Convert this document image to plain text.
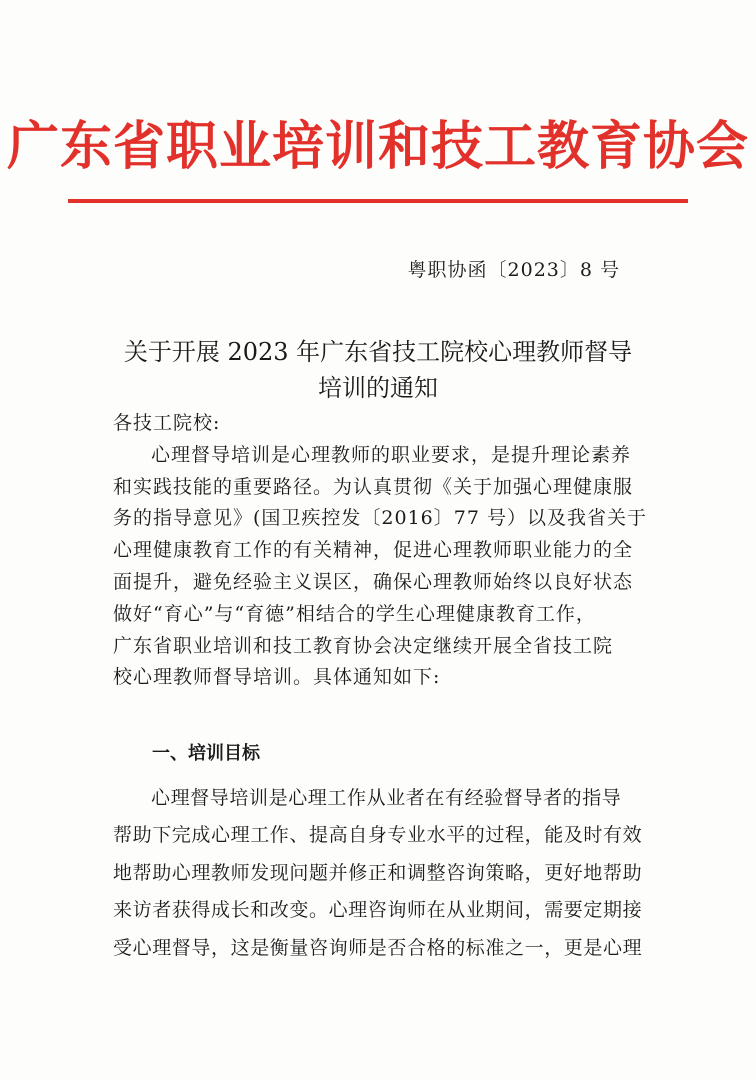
广东省职业培训和技工教育协会
粤职协函〔2023〕8 号
关于开展 2023 年广东省技工院校心理教师督导
培训的通知
各技工院校:
心理督导培训是心理教师的职业要求，是提升理论素养
和实践技能的重要路径。为认真贯彻《关于加强心理健康服
务的指导意见》(国卫疾控发〔2016〕77 号）以及我省关于
心理健康教育工作的有关精神，促进心理教师职业能力的全
面提升，避免经验主义误区，确保心理教师始终以良好状态
做好“育心”与“育德”相结合的学生心理健康教育工作，
广东省职业培训和技工教育协会决定继续开展全省技工院
校心理教师督导培训。具体通知如下:
一、培训目标
心理督导培训是心理工作从业者在有经验督导者的指导
帮助下完成心理工作、提高自身专业水平的过程，能及时有效
地帮助心理教师发现问题并修正和调整咨询策略，更好地帮助
来访者获得成长和改变。心理咨询师在从业期间，需要定期接
受心理督导，这是衡量咨询师是否合格的标准之一，更是心理
